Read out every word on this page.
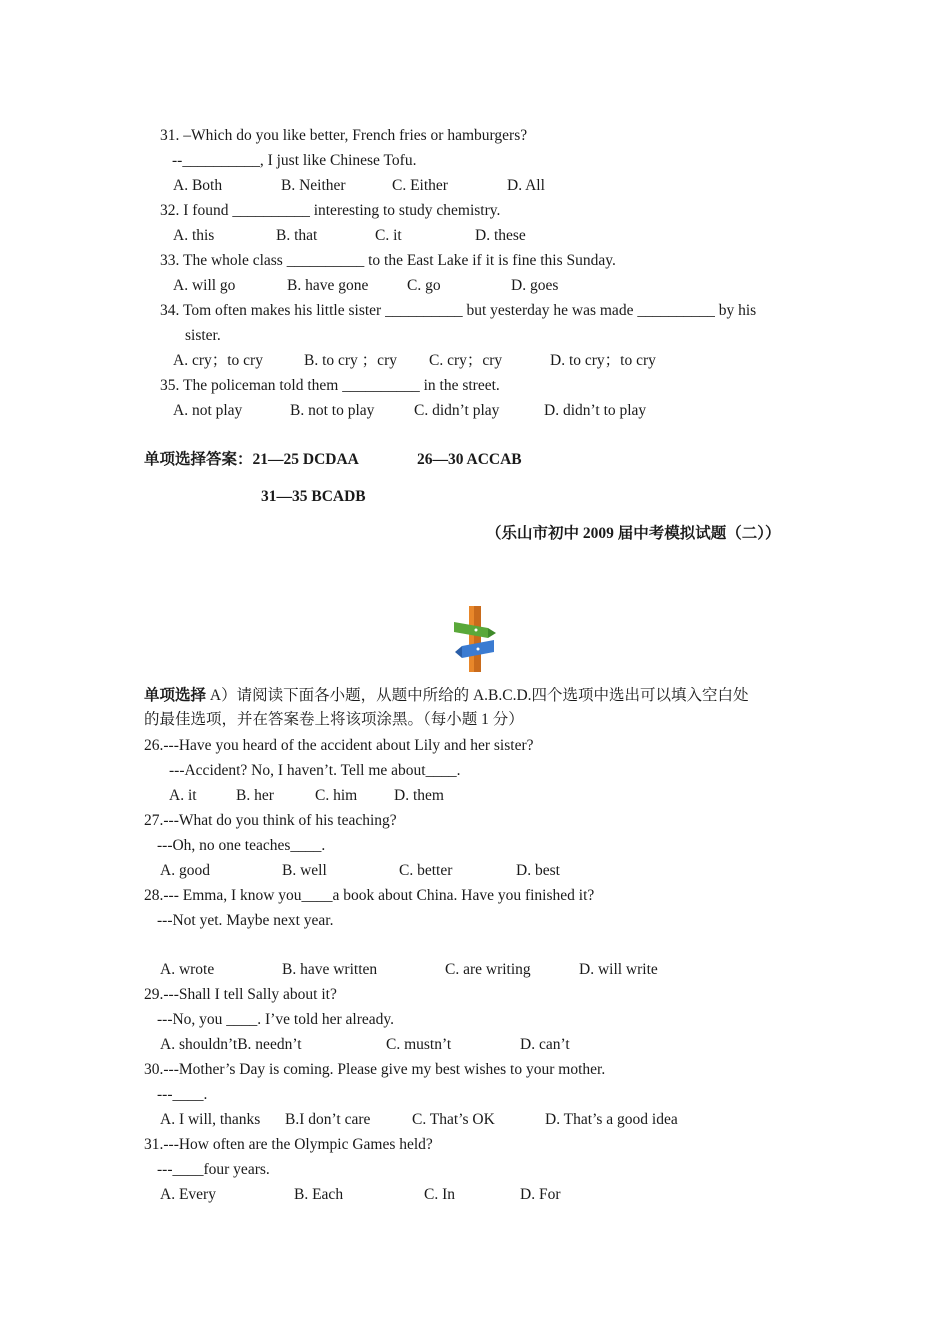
31. –Which do you like better, French fries or hamburgers?
--__________, I just like Chinese Tofu.
A. Both	B. Neither	C. Either	D. All
32. I found __________ interesting to study chemistry.
A. this	B. that	C. it	D. these
33. The whole class __________ to the East Lake if it is fine this Sunday.
A. will go	B. have gone C. go	D. goes
34. Tom often makes his little sister __________ but yesterday he was made __________ by his
sister.
A. cry；to cry	B. to cry ；cry C. cry；cry	D. to cry；to cry
35. The policeman told them __________ in the street.
A. not play	B. not to play	C. didn’t play	D. didn’t to play
单项选择答案：21—25 DCDAA	26—30 ACCAB
31—35 BCADB
（乐山市初中 2009 届中考模拟试题（二））
单项选择 A）请阅读下面各小题，从题中所给的 A.B.C.D.四个选项中选出可以填入空白处
的最佳选项，并在答案卷上将该项涂黑。（每小题 1 分）
26.---Have you heard of the accident about Lily and her sister?
---Accident? No, I haven’t. Tell me about____.
A. it	B. her	C. him D. them
27.---What do you think of his teaching?
---Oh, no one teaches____.
A. good	B. well	C. better	D. best
28.--- Emma, I know you____a book about China. Have you finished it?
---Not yet. Maybe next year.
A. wrote	B. have written	C. are writing	D. will write
29.---Shall I tell Sally about it?
---No, you ____. I’ve told her already.
A. shouldn’tB. needn’t	C. mustn’t	D. can’t
30.---Mother’s Day is coming. Please give my best wishes to your mother.
---____.
A. I will, thanks B.I don’t care	C. That’s OK	D. That’s a good idea
31.---How often are the Olympic Games held?
---____four years.
A. Every	B. Each	C. In	D. For
